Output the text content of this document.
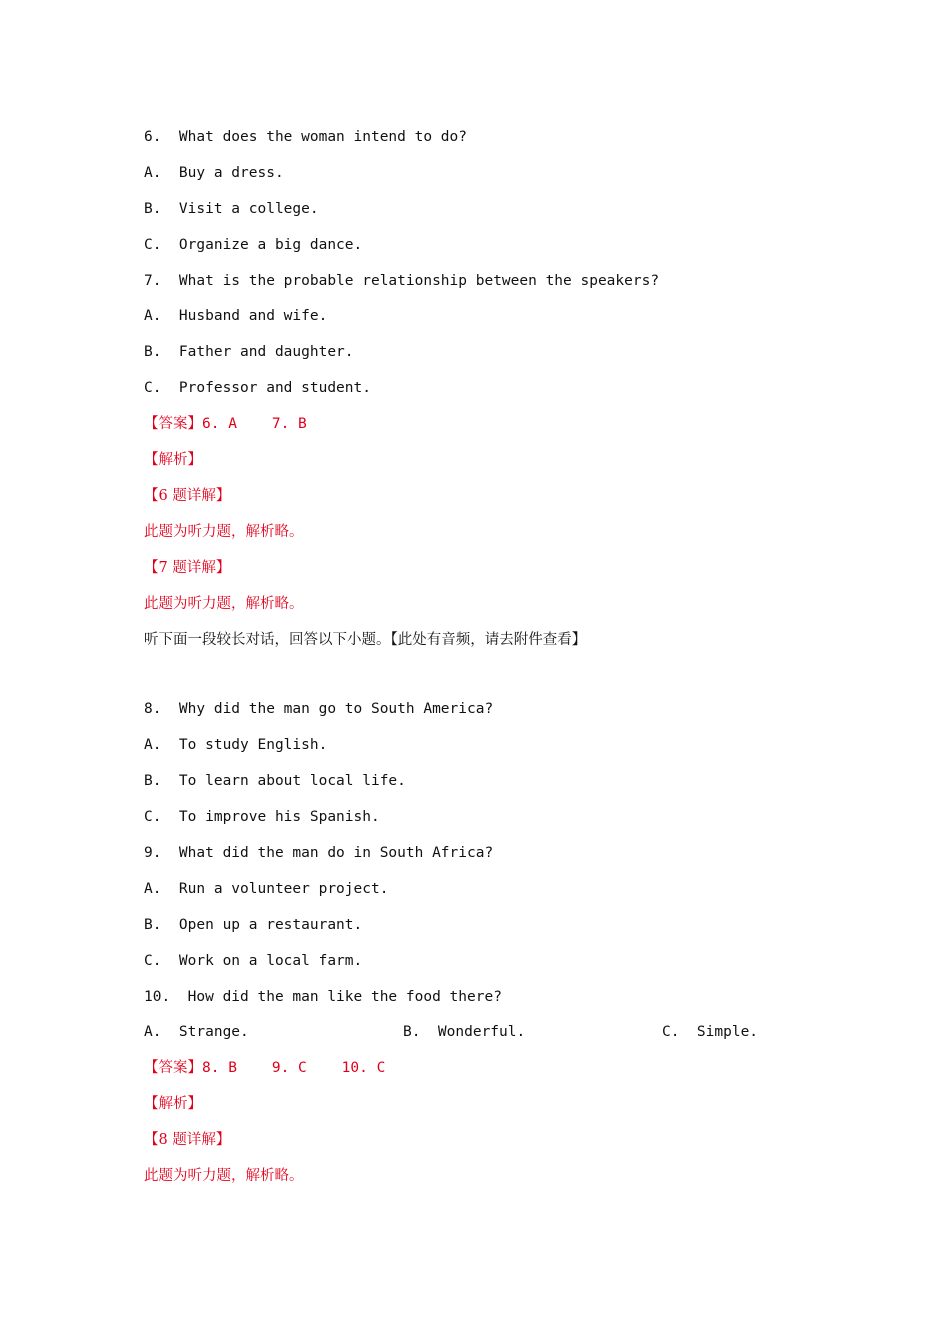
6.  What does the woman intend to do?
A.  Buy a dress.
B.  Visit a college.
C.  Organize a big dance.
7.  What is the probable relationship between the speakers?
A.  Husband and wife.
B.  Father and daughter.
C.  Professor and student.
【答案】6. A    7. B
【解析】
【6 题详解】
此题为听力题，解析略。
【7 题详解】
此题为听力题，解析略。
听下面一段较长对话，回答以下小题。【此处有音频，请去附件查看】
8.  Why did the man go to South America?
A.  To study English.
B.  To learn about local life.
C.  To improve his Spanish.
9.  What did the man do in South Africa?
A.  Run a volunteer project.
B.  Open up a restaurant.
C.  Work on a local farm.
10.  How did the man like the food there?
A.  Strange.	B.  Wonderful.	C.  Simple.
【答案】8. B    9. C    10. C
【解析】
【8 题详解】
此题为听力题，解析略。
